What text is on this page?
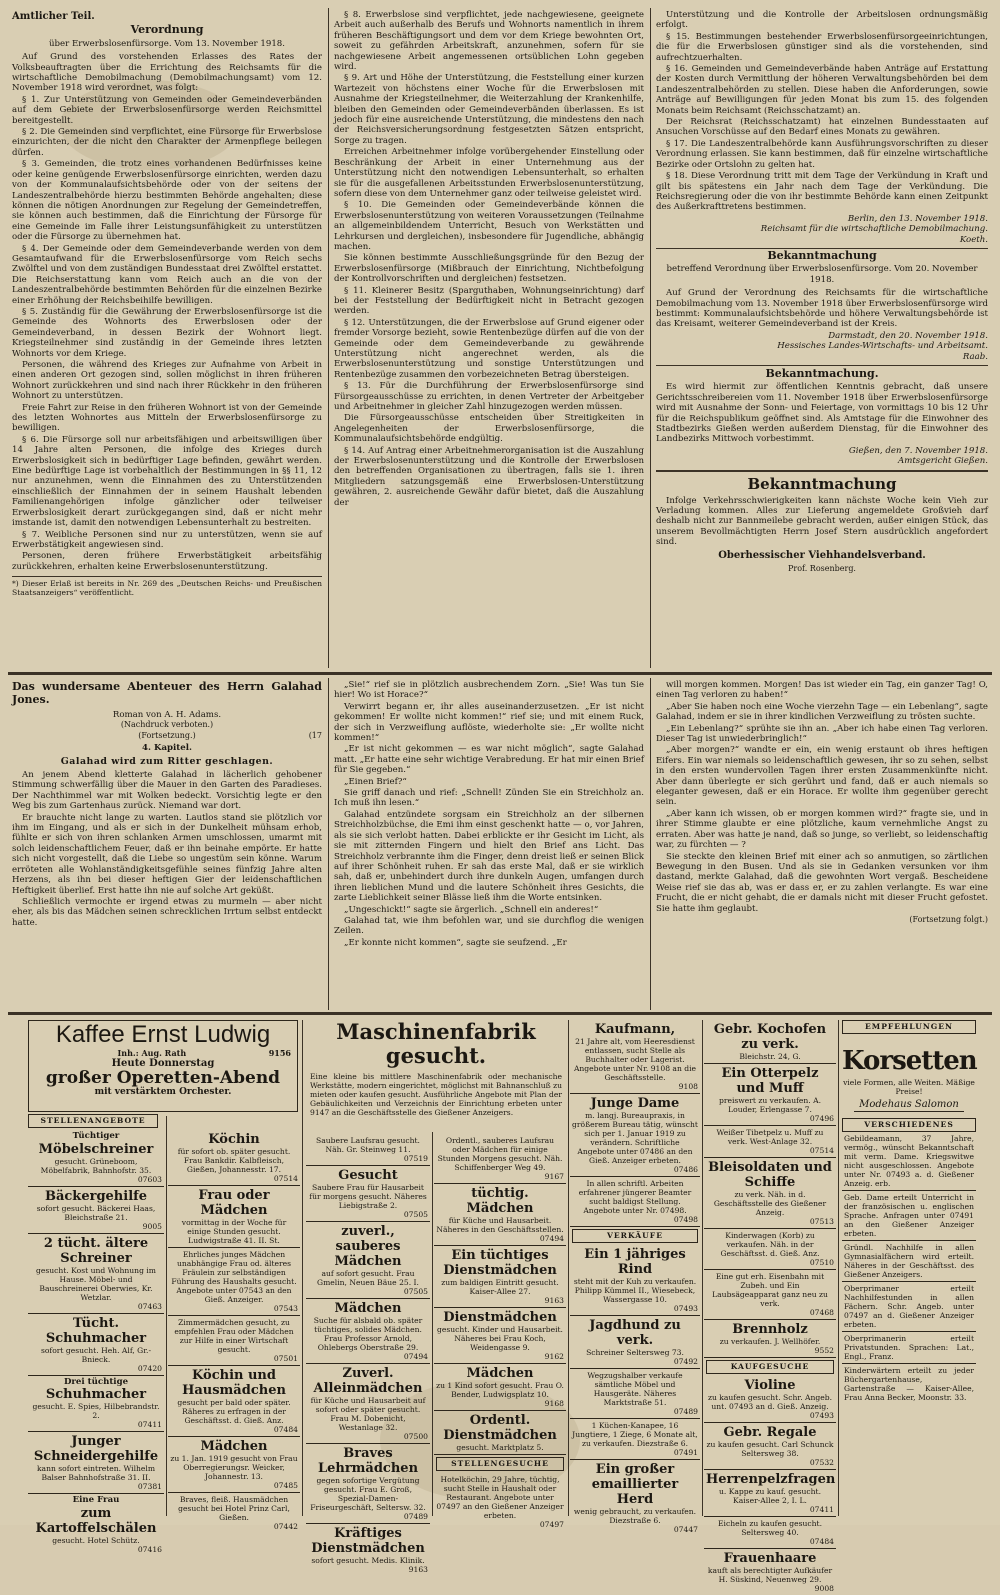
Amtlicher Teil.
Verordnung
über Erwerbslosenfürsorge. Vom 13. November 1918.

Auf Grund des vorstehenden Erlasses des Rates der Volksbeauftragten über die Errichtung des Reichsamts für die wirtschaftliche Demobilmachung (Demobilmachungsamt) vom 12. November 1918 wird verordnet, was folgt:

§ 1. Zur Unterstützung von Gemeinden oder Gemeindeverbänden auf dem Gebiete der Erwerbslosenfürsorge werden Reichsmittel bereitgestellt.

§ 2. Die Gemeinden sind verpflichtet, eine Fürsorge für Erwerbslose einzurichten, der die nicht den Charakter der Armenpflege beilegen dürfen.

§ 3. Gemeinden, die trotz eines vorhandenen Bedürfnisses keine oder keine genügende Erwerbslosenfürsorge einrichten, werden dazu von der Kommunalaufsichtsbehörde oder von der seitens der Landeszentralbehörde hierzu bestimmten Behörde angehalten; diese können die nötigen Anordnungen zur Regelung der Gemeindetreffen, sie können auch bestimmen, daß die Einrichtung der Fürsorge für eine Gemeinde im Falle ihrer Leistungsunfähigkeit zu unterstützen oder die Fürsorge zu übernehmen hat.

§ 4. Der Gemeinde oder dem Gemeindeverbande werden von dem Gesamtaufwand für die Erwerbslosenfürsorge vom Reich sechs Zwölftel und von dem zuständigen Bundesstaat drei Zwölftel erstattet. Die Reichserstattung kann vom Reich auch an die von der Landeszentralbehörde bestimmten Behörden für die einzelnen Bezirke einer Erhöhung der Reichsbeihilfe bewilligen.

§ 5. Zuständig für die Gewährung der Erwerbslosenfürsorge ist die Gemeinde des Wohnorts des Erwerbslosen oder der Gemeindeverband, in dessen Bezirk der Wohnort liegt. Kriegsteilnehmer sind zuständig in der Gemeinde ihres letzten Wohnorts vor dem Kriege.

Personen, die während des Krieges zur Aufnahme von Arbeit in einen anderen Ort gezogen sind, sollen möglichst in ihren früheren Wohnort zurückkehren und sind nach ihrer Rückkehr in den früheren Wohnort zu unterstützen.

Freie Fahrt zur Reise in den früheren Wohnort ist von der Gemeinde des letzten Wohnortes aus Mitteln der Erwerbslosenfürsorge zu bewilligen.

§ 6. Die Fürsorge soll nur arbeitsfähigen und arbeitswilligen über 14 Jahre alten Personen, die infolge des Krieges durch Erwerbslosigkeit sich in bedürftiger Lage befinden, gewährt werden. Eine bedürftige Lage ist vorbehaltlich der Bestimmungen in §§ 11, 12 nur anzunehmen, wenn die Einnahmen des zu Unterstützenden einschließlich der Einnahmen der in seinem Haushalt lebenden Familienangehörigen infolge gänzlicher oder teilweiser Erwerbslosigkeit derart zurückgegangen sind, daß er nicht mehr imstande ist, damit den notwendigen Lebensunterhalt zu bestreiten.

§ 7. Weibliche Personen sind nur zu unterstützen, wenn sie auf Erwerbstätigkeit angewiesen sind.

Personen, deren frühere Erwerbstätigkeit arbeitsfähig zurückkehren, erhalten keine Erwerbslosenunterstützung.

*) Dieser Erlaß ist bereits in Nr. 269 des „Deutschen Reichs- und Preußischen Staatsanzeigers“ veröffentlicht.

§ 8. Erwerbslose sind verpflichtet, jede nachgewiesene, geeignete Arbeit auch außerhalb des Berufs und Wohnorts namentlich in ihrem früheren Beschäftigungsort und dem vor dem Kriege bewohnten Ort, soweit zu gefährden Arbeitskraft, anzunehmen, sofern für sie nachgewiesene Arbeit angemessenen ortsüblichen Lohn gegeben wird.

§ 9. Art und Höhe der Unterstützung, die Feststellung einer kurzen Wartezeit von höchstens einer Woche für die Erwerbslosen mit Ausnahme der Kriegsteilnehmer, die Weiterzahlung der Krankenhilfe, bleiben den Gemeinden oder Gemeindeverbänden überlassen. Es ist jedoch für eine ausreichende Unterstützung, die mindestens den nach der Reichsversicherungsordnung festgesetzten Sätzen entspricht, Sorge zu tragen.

Erreichen Arbeitnehmer infolge vorübergehender Einstellung oder Beschränkung der Arbeit in einer Unternehmung aus der Unterstützung nicht den notwendigen Lebensunterhalt, so erhalten sie für die ausgefallenen Arbeitsstunden Erwerbslosenunterstützung, sofern diese von dem Unternehmer ganz oder teilweise geleistet wird.

§ 10. Die Gemeinden oder Gemeindeverbände können die Erwerbslosenunterstützung von weiteren Voraussetzungen (Teilnahme an allgemeinbildendem Unterricht, Besuch von Werkstätten und Lehrkursen und dergleichen), insbesondere für Jugendliche, abhängig machen.

Sie können bestimmte Ausschließungsgründe für den Bezug der Erwerbslosenfürsorge (Mißbrauch der Einrichtung, Nichtbefolgung der Kontrollvorschriften und dergleichen) festsetzen.

§ 11. Kleinerer Besitz (Sparguthaben, Wohnungseinrichtung) darf bei der Feststellung der Bedürftigkeit nicht in Betracht gezogen werden.

§ 12. Unterstützungen, die der Erwerbslose auf Grund eigener oder fremder Vorsorge bezieht, sowie Rentenbezüge dürfen auf die von der Gemeinde oder dem Gemeindeverbande zu gewährende Unterstützung nicht angerechnet werden, als die Erwerbslosenunterstützung und sonstige Unterstützungen und Rentenbezüge zusammen den vorbezeichneten Betrag übersteigen.

§ 13. Für die Durchführung der Erwerbslosenfürsorge sind Fürsorgeausschüsse zu errichten, in denen Vertreter der Arbeitgeber und Arbeitnehmer in gleicher Zahl hinzugezogen werden müssen.

Die Fürsorgeausschüsse entscheiden über Streitigkeiten in Angelegenheiten der Erwerbslosenfürsorge, die Kommunalaufsichtsbehörde endgültig.

§ 14. Auf Antrag einer Arbeitnehmerorganisation ist die Auszahlung der Erwerbslosenunterstützung und die Kontrolle der Erwerbslosen den betreffenden Organisationen zu übertragen, falls sie 1. ihren Mitgliedern satzungsgemäß eine Erwerbslosen-Unterstützung gewähren, 2. ausreichende Gewähr dafür bietet, daß die Auszahlung der

Unterstützung und die Kontrolle der Arbeitslosen ordnungsmäßig erfolgt.

§ 15. Bestimmungen bestehender Erwerbslosenfürsorgeeinrichtungen, die für die Erwerbslosen günstiger sind als die vorstehenden, sind aufrechtzuerhalten.

§ 16. Gemeinden und Gemeindeverbände haben Anträge auf Erstattung der Kosten durch Vermittlung der höheren Verwaltungsbehörden bei dem Landeszentralbehörden zu stellen. Diese haben die Anforderungen, sowie Anträge auf Bewilligungen für jeden Monat bis zum 15. des folgenden Monats beim Reichsamt (Reichsschatzamt) an.

Der Reichsrat (Reichsschatzamt) hat einzelnen Bundesstaaten auf Ansuchen Vorschüsse auf den Bedarf eines Monats zu gewähren.

§ 17. Die Landeszentralbehörde kann Ausführungsvorschriften zu dieser Verordnung erlassen. Sie kann bestimmen, daß für einzelne wirtschaftliche Bezirke oder Ortslohn zu gelten hat.

§ 18. Diese Verordnung tritt mit dem Tage der Verkündung in Kraft und gilt bis spätestens ein Jahr nach dem Tage der Verkündung. Die Reichsregierung oder die von ihr bestimmte Behörde kann einen Zeitpunkt des Außerkrafttretens bestimmen.

Berlin, den 13. November 1918.
Reichsamt für die wirtschaftliche Demobilmachung.
Koeth.
Bekanntmachung
betreffend Verordnung über Erwerbslosenfürsorge. Vom 20. November 1918.

Auf Grund der Verordnung des Reichsamts für die wirtschaftliche Demobilmachung vom 13. November 1918 über Erwerbslosenfürsorge wird bestimmt: Kommunalaufsichtsbehörde und höhere Verwaltungsbehörde ist das Kreisamt, weiterer Gemeindeverband ist der Kreis.

Darmstadt, den 20. November 1918.
Hessisches Landes-Wirtschafts- und Arbeitsamt.
Raab.
Bekanntmachung.

Es wird hiermit zur öffentlichen Kenntnis gebracht, daß unsere Gerichtsschreibereien vom 11. November 1918 über Erwerbslosenfürsorge wird mit Ausnahme der Sonn- und Feiertage, von vormittags 10 bis 12 Uhr für die Reichspublikum geöffnet sind. Als Amtstage für die Einwohner des Stadtbezirks Gießen werden außerdem Dienstag, für die Einwohner des Landbezirks Mittwoch vorbestimmt.

Gießen, den 7. November 1918.
Amtsgericht Gießen.
Bekanntmachung

Infolge Verkehrsschwierigkeiten kann nächste Woche kein Vieh zur Verladung kommen. Alles zur Lieferung angemeldete Großvieh darf deshalb nicht zur Bannmeilebe gebracht werden, außer einigen Stück, das unserem Bevollmächtigten Herrn Josef Stern ausdrücklich angefordert sind.

Oberhessischer Viehhandelsverband.
Prof. Rosenberg.
Das wundersame Abenteuer des Herrn Galahad Jones.
Roman von A. H. Adams.
(Nachdruck verboten.)
(Fortsetzung.)	(17
4. Kapitel.
Galahad wird zum Ritter geschlagen.

An jenem Abend kletterte Galahad in lächerlich gehobener Stimmung schwerfällig über die Mauer in den Garten des Paradieses. Der Nachthimmel war mit Wolken bedeckt. Vorsichtig legte er den Weg bis zum Gartenhaus zurück. Niemand war dort.

Er brauchte nicht lange zu warten. Lautlos stand sie plötzlich vor ihm im Eingang, und als er sich in der Dunkelheit mühsam erhob, fühlte er sich von ihren schlanken Armen umschlossen, umarmt mit solch leidenschaftlichem Feuer, daß er ihn beinahe empörte. Er hatte sich nicht vorgestellt, daß die Liebe so ungestüm sein könne. Warum erröteten alle Wohlanständigkeitsgefühle seines fünfzig Jahre alten Herzens, als ihn bei dieser heftigen Gier der leidenschaftlichen Heftigkeit überlief. Erst hatte ihn nie auf solche Art geküßt.

Schließlich vermochte er irgend etwas zu murmeln — aber nicht eher, als bis das Mädchen seinen schrecklichen Irrtum selbst entdeckt hatte.

„Sie!“ rief sie in plötzlich ausbrechendem Zorn. „Sie! Was tun Sie hier! Wo ist Horace?“

Verwirrt begann er, ihr alles auseinanderzusetzen. „Er ist nicht gekommen! Er wollte nicht kommen!“ rief sie; und mit einem Ruck, der sich in Verzweiflung auflöste, wiederholte sie: „Er wollte nicht kommen!“

„Er ist nicht gekommen — es war nicht möglich“, sagte Galahad matt. „Er hatte eine sehr wichtige Verabredung. Er hat mir einen Brief für Sie gegeben.“

„Einen Brief?“

Sie griff danach und rief: „Schnell! Zünden Sie ein Streichholz an. Ich muß ihn lesen.“

Galahad entzündete sorgsam ein Streichholz an der silbernen Streichholzbüchse, die Emi ihm einst geschenkt hatte — o, vor Jahren, als sie sich verlobt hatten. Dabei erblickte er ihr Gesicht im Licht, als sie mit zitternden Fingern und hielt den Brief ans Licht. Das Streichholz verbrannte ihm die Finger, denn dreist ließ er seinen Blick auf ihrer Schönheit ruhen. Er sah das erste Mal, daß er sie wirklich sah, daß er, unbehindert durch ihre dunkeln Augen, umfangen durch ihren lieblichen Mund und die lautere Schönheit ihres Gesichts, die zarte Lieblichkeit seiner Blässe ließ ihm die Worte entsinken.

„Ungeschickt!“ sagte sie ärgerlich. „Schnell ein anderes!“

Galahad tat, wie ihm befohlen war, und sie durchflog die wenigen Zeilen.

„Er konnte nicht kommen“, sagte sie seufzend. „Er

will morgen kommen. Morgen! Das ist wieder ein Tag, ein ganzer Tag! O, einen Tag verloren zu haben!“

„Aber Sie haben noch eine Woche vierzehn Tage — ein Lebenlang“, sagte Galahad, indem er sie in ihrer kindlichen Verzweiflung zu trösten suchte.

„Ein Lebenlang?“ sprühte sie ihn an. „Aber ich habe einen Tag verloren. Dieser Tag ist unwiederbringlich!“

„Aber morgen?“ wandte er ein, ein wenig erstaunt ob ihres heftigen Eifers. Ein war niemals so leidenschaftlich gewesen, ihr so zu sehen, selbst in den ersten wundervollen Tagen ihrer ersten Zusammenkünfte nicht. Aber dann überlegte er sich gerührt und fand, daß er auch niemals so eleganter gewesen, daß er ein Horace. Er wollte ihm gegenüber gerecht sein.

„Aber kann ich wissen, ob er morgen kommen wird?“ fragte sie, und in ihrer Stimme glaubte er eine plötzliche, kaum vernehmliche Angst zu erraten. Aber was hatte je nand, daß so junge, so verliebt, so leidenschaftig war, zu fürchten — ?

Sie steckte den kleinen Brief mit einer ach so anmutigen, so zärtlichen Bewegung in den Busen. Und als sie in Gedanken versunken vor ihm dastand, merkte Galahad, daß die gewohnten Wort vergaß. Bescheidene Weise rief sie das ab, was er dass er, er zu zahlen verlangte. Es war eine Frucht, die er nicht gehabt, die er damals nicht mit dieser Frucht gefostet. Sie hatte ihm geglaubt.

(Fortsetzung folgt.)
Kaffee Ernst Ludwig
Inh.: Aug. Rath	9156
Heute Donnerstag
großer Operetten-Abend
mit verstärktem Orchester.
STELLENANGEBOTE
Tüchtiger
Möbelschreiner
gesucht. Grüneboom, Möbelfabrik, Bahnhofstr. 35.
07603
Bäckergehilfe
sofort gesucht. Bäckerei Haas, Bleichstraße 21.
9005
2 tücht. ältere Schreiner
gesucht. Kost und Wohnung im Hause. Möbel- und Bauschreinerei Oberwies, Kr. Wetzlar.
07463
Tücht. Schuhmacher
sofort gesucht. Heh. Alf, Gr.-Bnieck.
07420
Drei tüchtige
Schuhmacher
gesucht. E. Spies, Hilbebrandstr. 2.
07411
Junger Schneidergehilfe
kann sofort eintreten. Wilhelm Balser Bahnhofstraße 31. II.
07381
Eine Frau
zum Kartoffelschälen
gesucht. Hotel Schütz.
07416
Köchin
für sofort ob. später gesucht. Frau Bankdir. Kalbfleisch, Gießen, Johannesstr. 17.
07514
Frau oder Mädchen
vormittag in der Woche für einige Stunden gesucht. Ludwigstraße 41. II. St.
Ehrliches junges Mädchen unabhängige Frau od. älteres Fräulein zur selbständigen Führung des Haushalts gesucht. Angebote unter 07543 an den Gieß. Anzeiger.
07543
Zimmermädchen gesucht, zu empfehlen Frau oder Mädchen zur Hilfe in einer Wirtschaft gesucht.
07501
Köchin und Hausmädchen
gesucht per bald oder später. Räheres zu erfragen in der Geschäftsst. d. Gieß. Anz.
07484
Mädchen
zu 1. Jan. 1919 gesucht von Frau Oberregierungsr. Weicker, Johannestr. 13.
07485
Braves, fleiß. Hausmädchen gesucht bei Hotel Prinz Carl, Gießen.
07442
Maschinenfabrik
gesucht.
Eine kleine bis mittlere Maschinenfabrik oder mechanische Werkstätte, modern eingerichtet, möglichst mit Bahnanschluß zu mieten oder kaufen gesucht. Ausführliche Angebote mit Plan der Gebäulichkeiten und Verzeichnis der Einrichtung erbeten unter 9147 an die Geschäftsstelle des Gießener Anzeigers.
Saubere Laufsrau gesucht. Näh. Gr. Steinweg 11.
07519
Gesucht
Saubere Frau für Hausarbeit für morgens gesucht. Näheres Liebigstraße 2.
07505
zuverl., sauberes Mädchen
auf sofort gesucht. Frau Gmelin, Neuen Bäue 25. I.
07505
Mädchen
Suche für alsbald ob. später tüchtiges, solides Mädchen. Frau Professor Arnold, Ohlebergs Oberstraße 29.
07494
Zuverl. Alleinmädchen
für Küche und Hausarbeit auf sofort oder später gesucht. Frau M. Dobenicht, Westanlage 32.
07500
Braves Lehrmädchen
gegen sofortige Vergütung gesucht. Frau E. Groß, Spezial-Damen-Friseurgeschäft, Seltersw. 32.
07489
Kräftiges Dienstmädchen
sofort gesucht. Medis. Klinik.
9163
Ordentl., sauberes Laufsrau oder Mädchen für einige Stunden Morgens gesucht. Näh. Schiffenberger Weg 49.
9167
tüchtig. Mädchen
für Küche und Hausarbeit. Näheres in den Geschäftsstellen.
07494
Ein tüchtiges Dienstmädchen
zum baldigen Eintritt gesucht. Kaiser-Allee 27.
9163
Dienstmädchen
gesucht. Kinder und Hausarbeit. Näheres bei Frau Koch, Weidengasse 9.
9162
Mädchen
zu 1 Kind sofort gesucht. Frau O. Bender, Ludwigsplatz 10.
9168
Ordentl. Dienstmädchen
gesucht. Marktplatz 5.
STELLENGESUCHE
Hotelköchin, 29 Jahre, tüchtig, sucht Stelle in Haushalt oder Restaurant. Angebote unter 07497 an den Gießener Anzeiger erbeten.
07497
Kaufmann,
21 Jahre alt, vom Heeresdienst entlassen, sucht Stelle als Buchhalter oder Lagerist. Angebote unter Nr. 9108 an die Geschäftsstelle.
9108
Junge Dame
m. langj. Bureaupraxis, in größerem Bureau tätig, wünscht sich per 1. Januar 1919 zu verändern. Schriftliche Angebote unter 07486 an den Gieß. Anzeiger erbeten.
07486
In allen schriftl. Arbeiten erfahrener jüngerer Beamter sucht baldigst Stellung. Angebote unter Nr. 07498.
07498
VERKÄUFE
Ein 1 jähriges Rind
steht mit der Kuh zu verkaufen. Philipp Kümmel II., Wiesebeck, Wassergasse 10.
07493
Jagdhund zu verk.
Schreiner Seltersweg 73.
07492
Wegzugshalber verkaufe sämtliche Möbel und Hausgeräte. Näheres Marktstraße 51.
07489
1 Küchen-Kanapee, 16 Jungtiere, 1 Ziege, 6 Monate alt, zu verkaufen. Diezstraße 6.
07491
Ein großer emaillierter Herd
wenig gebraucht, zu verkaufen. Diezstraße 6.
07447
Gebr. Kochofen zu verk.
Bleichstr. 24, G.
Ein Otterpelz und Muff
preiswert zu verkaufen. A. Louder, Erlengasse 7.
07496
Weißer Tibetpelz u. Muff zu verk. West-Anlage 32.
07514
Bleisoldaten und Schiffe
zu verk. Näh. in d. Geschäftsstelle des Gießener Anzeig.
07513
Kinderwagen (Korb) zu verkaufen. Näh. in der Geschäftsst. d. Gieß. Anz.
07510
Eine gut erh. Eisenbahn mit Zubeh. und Ein Laubsägeapparat ganz neu zu verk.
07468
Brennholz
zu verkaufen. J. Wellhöfer.
9552
KAUFGESUCHE
Violine
zu kaufen gesucht. Schr. Angeb. unt. 07493 an d. Gieß. Anzeig.
07493
Gebr. Regale
zu kaufen gesucht. Carl Schunck Seltersweg 38.
07532
Herrenpelzfragen
u. Kappe zu kauf. gesucht. Kaiser-Allee 2, I. L.
07411
Eicheln zu kaufen gesucht. Seltersweg 40.
07484
Frauenhaare
kauft als berechtigter Aufkäufer H. Süskind, Neuenweg 29.
9008
EMPFEHLUNGEN
Korsetten
viele Formen, alle Weiten. Mäßige Preise!
Modehaus Salomon
VERSCHIEDENES
Gebildeamann, 37 Jahre, vermög., wünscht Bekanntschaft mit verm. Dame. Kriegswitwe nicht ausgeschlossen. Angebote unter Nr. 07493 a. d. Gießener Anzeig. erb.
Geb. Dame erteilt Unterricht in der französischen u. englischen Sprache. Anfragen unter 07491 an den Gießener Anzeiger erbeten.
Gründl. Nachhilfe in allen Gymnasialfächern wird erteilt. Näheres in der Geschäftsst. des Gießener Anzeigers.
Oberprimaner erteilt Nachhilfestunden in allen Fächern. Schr. Angeb. unter 07497 an d. Gießener Anzeiger erbeten.
Oberprimanerin erteilt Privatstunden. Sprachen: Lat., Engl., Franz.
Kinderwärtern erteilt zu jeder Büchergartenhause, Gartenstraße — Kaiser-Allee, Frau Anna Becker, Moonstr. 33.
